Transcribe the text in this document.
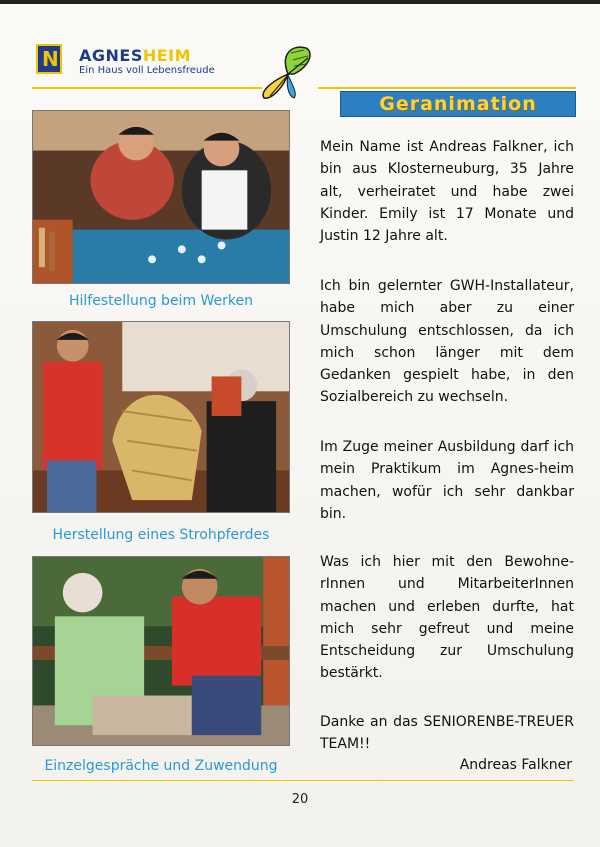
N AGNESHEIM
Ein Haus voll Lebensfreude
Geranimation
Hilfestellung beim Werken
Herstellung eines Strohpferdes
Einzelgespräche und Zuwendung

Mein Name ist Andreas Falkner, ich bin aus Klosterneuburg, 35 Jahre alt, verheiratet und habe zwei Kinder. Emily ist 17 Monate und Justin 12 Jahre alt.

Ich bin gelernter GWH-Installateur, habe mich aber zu einer Umschulung entschlossen, da ich mich schon länger mit dem Gedanken gespielt habe, in den Sozialbereich zu wechseln.

Im Zuge meiner Ausbildung darf ich mein Praktikum im Agnes-heim machen, wofür ich sehr dankbar bin.

Was ich hier mit den Bewohne-rInnen und MitarbeiterInnen machen und erleben durfte, hat mich sehr gefreut und meine Entscheidung zur Umschulung bestärkt.

Danke an das SENIORENBE-TREUER TEAM!!

Andreas Falkner
20
